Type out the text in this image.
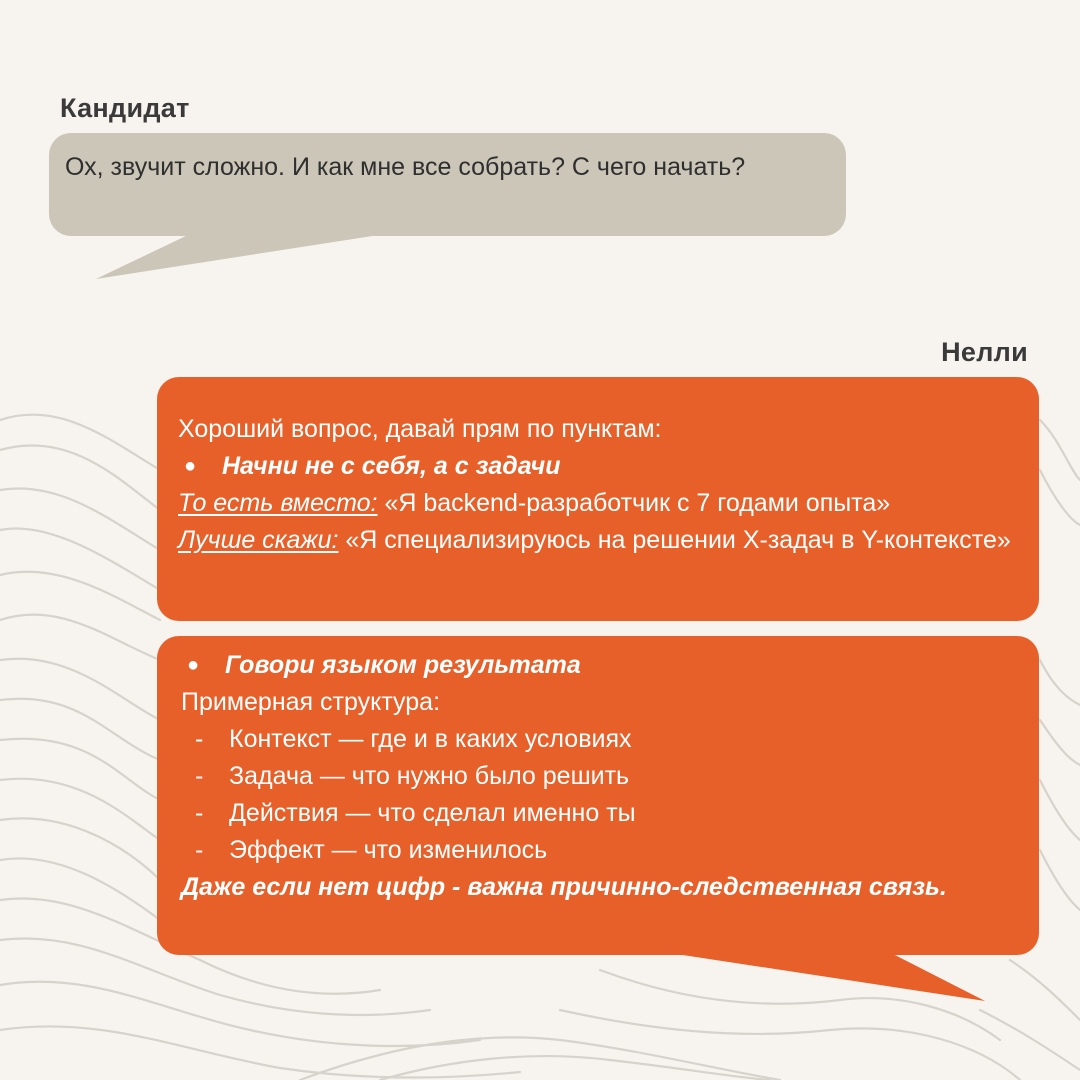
Кандидат
Ох, звучит сложно. И как мне все собрать? С чего начать?
Нелли
Хороший вопрос, давай прям по пунктам:
● Начни не с себя, а с задачи
То есть вместо: «Я backend-разработчик с 7 годами опыта»
Лучше скажи: «Я специализируюсь на решении X-задач в Y-контексте»
● Говори языком результата
Примерная структура:
- Контекст — где и в каких условиях
- Задача — что нужно было решить
- Действия — что сделал именно ты
- Эффект — что изменилось
Даже если нет цифр - важна причинно-следственная связь.
